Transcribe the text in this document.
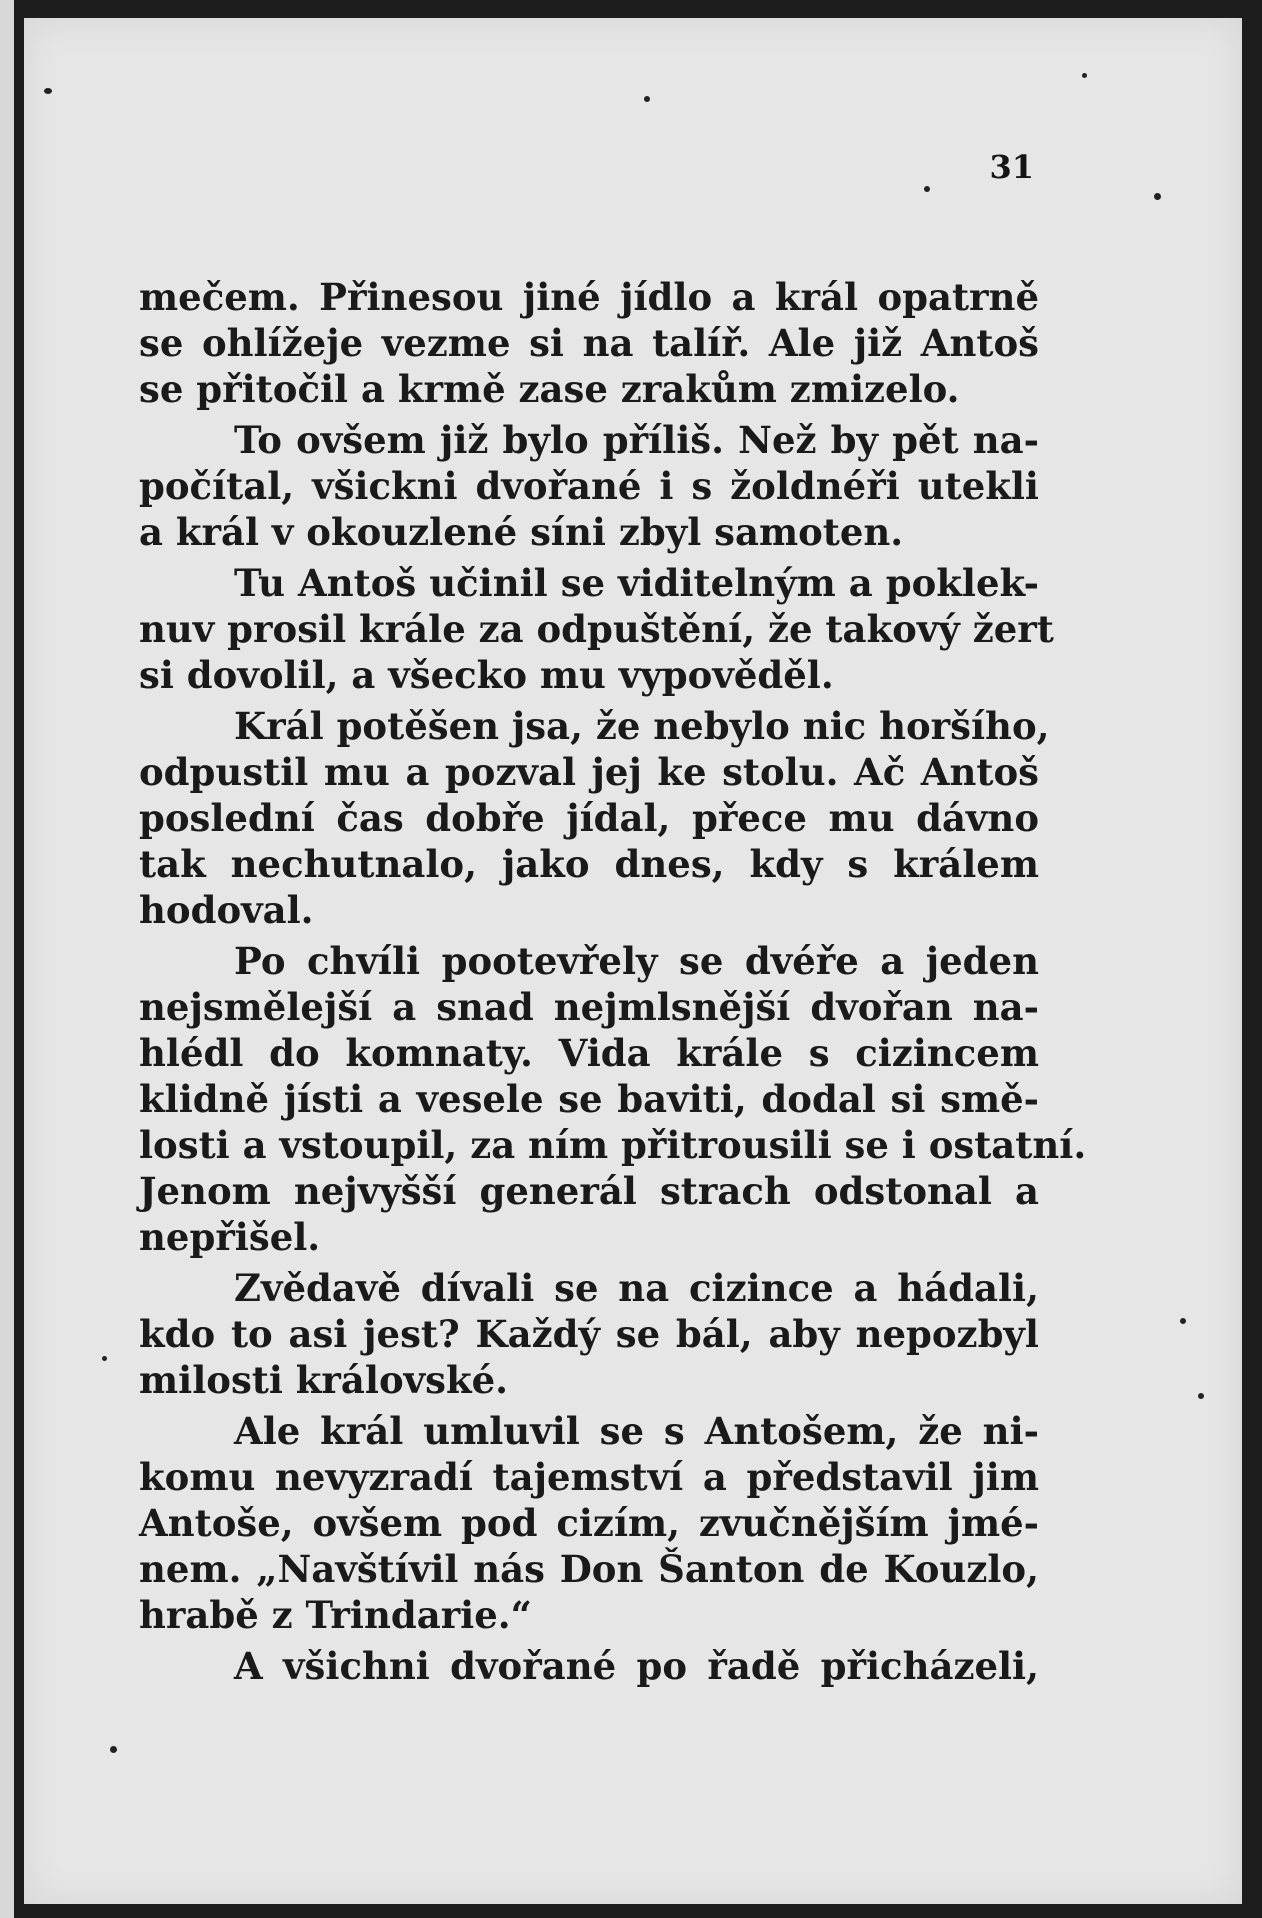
31
mečem. Přinesou jiné jídlo a král opatrně
se ohlížeje vezme si na talíř. Ale již Antoš
se přitočil a krmě zase zrakům zmizelo.
To ovšem již bylo příliš. Než by pět na-
počítal, všickni dvořané i s žoldnéři utekli
a král v okouzlené síni zbyl samoten.
Tu Antoš učinil se viditelným a poklek-
nuv prosil krále za odpuštění, že takový žert
si dovolil, a všecko mu vypověděl.
Král potěšen jsa, že nebylo nic horšího,
odpustil mu a pozval jej ke stolu. Ač Antoš
poslední čas dobře jídal, přece mu dávno
tak nechutnalo, jako dnes, kdy s králem
hodoval.
Po chvíli pootevřely se dvéře a jeden
nejsmělejší a snad nejmlsnější dvořan na-
hlédl do komnaty. Vida krále s cizincem
klidně jísti a vesele se baviti, dodal si smě-
losti a vstoupil, za ním přitrousili se i ostatní.
Jenom nejvyšší generál strach odstonal a
nepřišel.
Zvědavě dívali se na cizince a hádali,
kdo to asi jest? Každý se bál, aby nepozbyl
milosti královské.
Ale král umluvil se s Antošem, že ni-
komu nevyzradí tajemství a představil jim
Antoše, ovšem pod cizím, zvučnějším jmé-
nem. „Navštívil nás Don Šanton de Kouzlo,
hrabě z Trindarie.“
A všichni dvořané po řadě přicházeli,
